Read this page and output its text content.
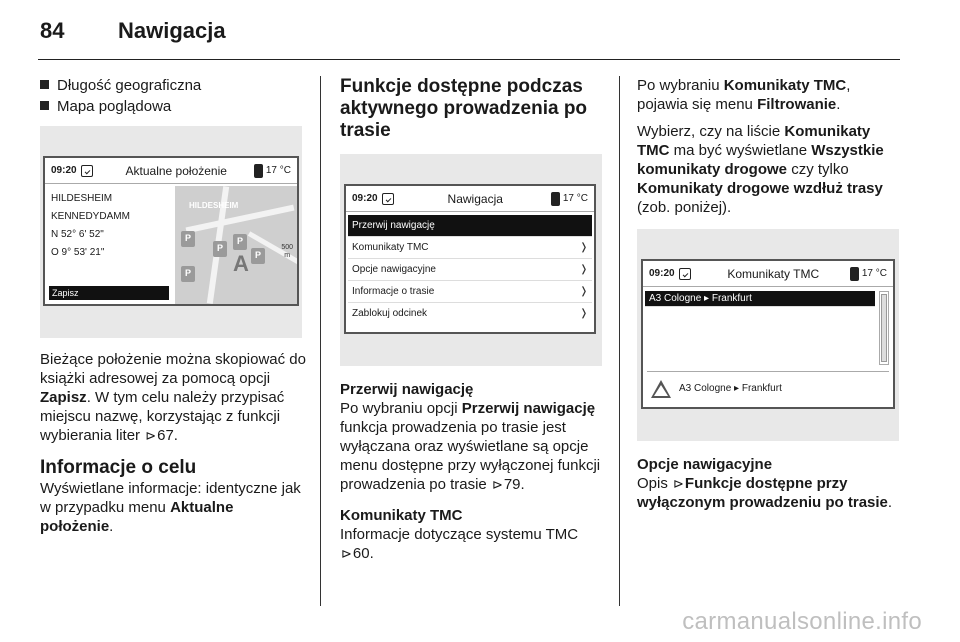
84	Nawigacja
Długość geograficzna
Mapa poglądowa
09:20	Aktualne położenie	17 °C
HILDESHEIM
KENNEDYDAMM
N 52° 6' 52"
O 9° 53' 21"
Zapisz
HILDESHEIM
P
P
P
P
P A
500
m

Bieżące położenie można skopiować do książki adresowej za pomocą opcji Zapisz. W tym celu należy przypisać miejscu nazwę, korzystając z funkcji wybierania liter ⊳67.

Informacje o celu

Wyświetlane informacje: identyczne jak w przypadku menu Aktualne położenie.

Funkcje dostępne podczas aktywnego prowadzenia po trasie
09:20	Nawigacja	17 °C
Przerwij nawigację
Komunikaty TMC	❭
Opcje nawigacyjne	❭
Informacje o trasie	❭
Zablokuj odcinek	❭
Przerwij nawigację

Po wybraniu opcji Przerwij nawigację funkcja prowadzenia po trasie jest wyłączana oraz wyświetlane są opcje menu dostępne przy wyłączonej funkcji prowadzenia po trasie ⊳79.

Komunikaty TMC

Informacje dotyczące systemu TMC ⊳60.

Po wybraniu Komunikaty TMC, pojawia się menu Filtrowanie.

Wybierz, czy na liście Komunikaty TMC ma być wyświetlane Wszystkie komunikaty drogowe czy tylko Komunikaty drogowe wzdłuż trasy (zob. poniżej).

09:20	Komunikaty TMC	17 °C
A3 Cologne ▸ Frankfurt
A3 Cologne ▸ Frankfurt
Opcje nawigacyjne

Opis ⊳Funkcje dostępne przy wyłączonym prowadzeniu po trasie.

carmanualsonline.info
